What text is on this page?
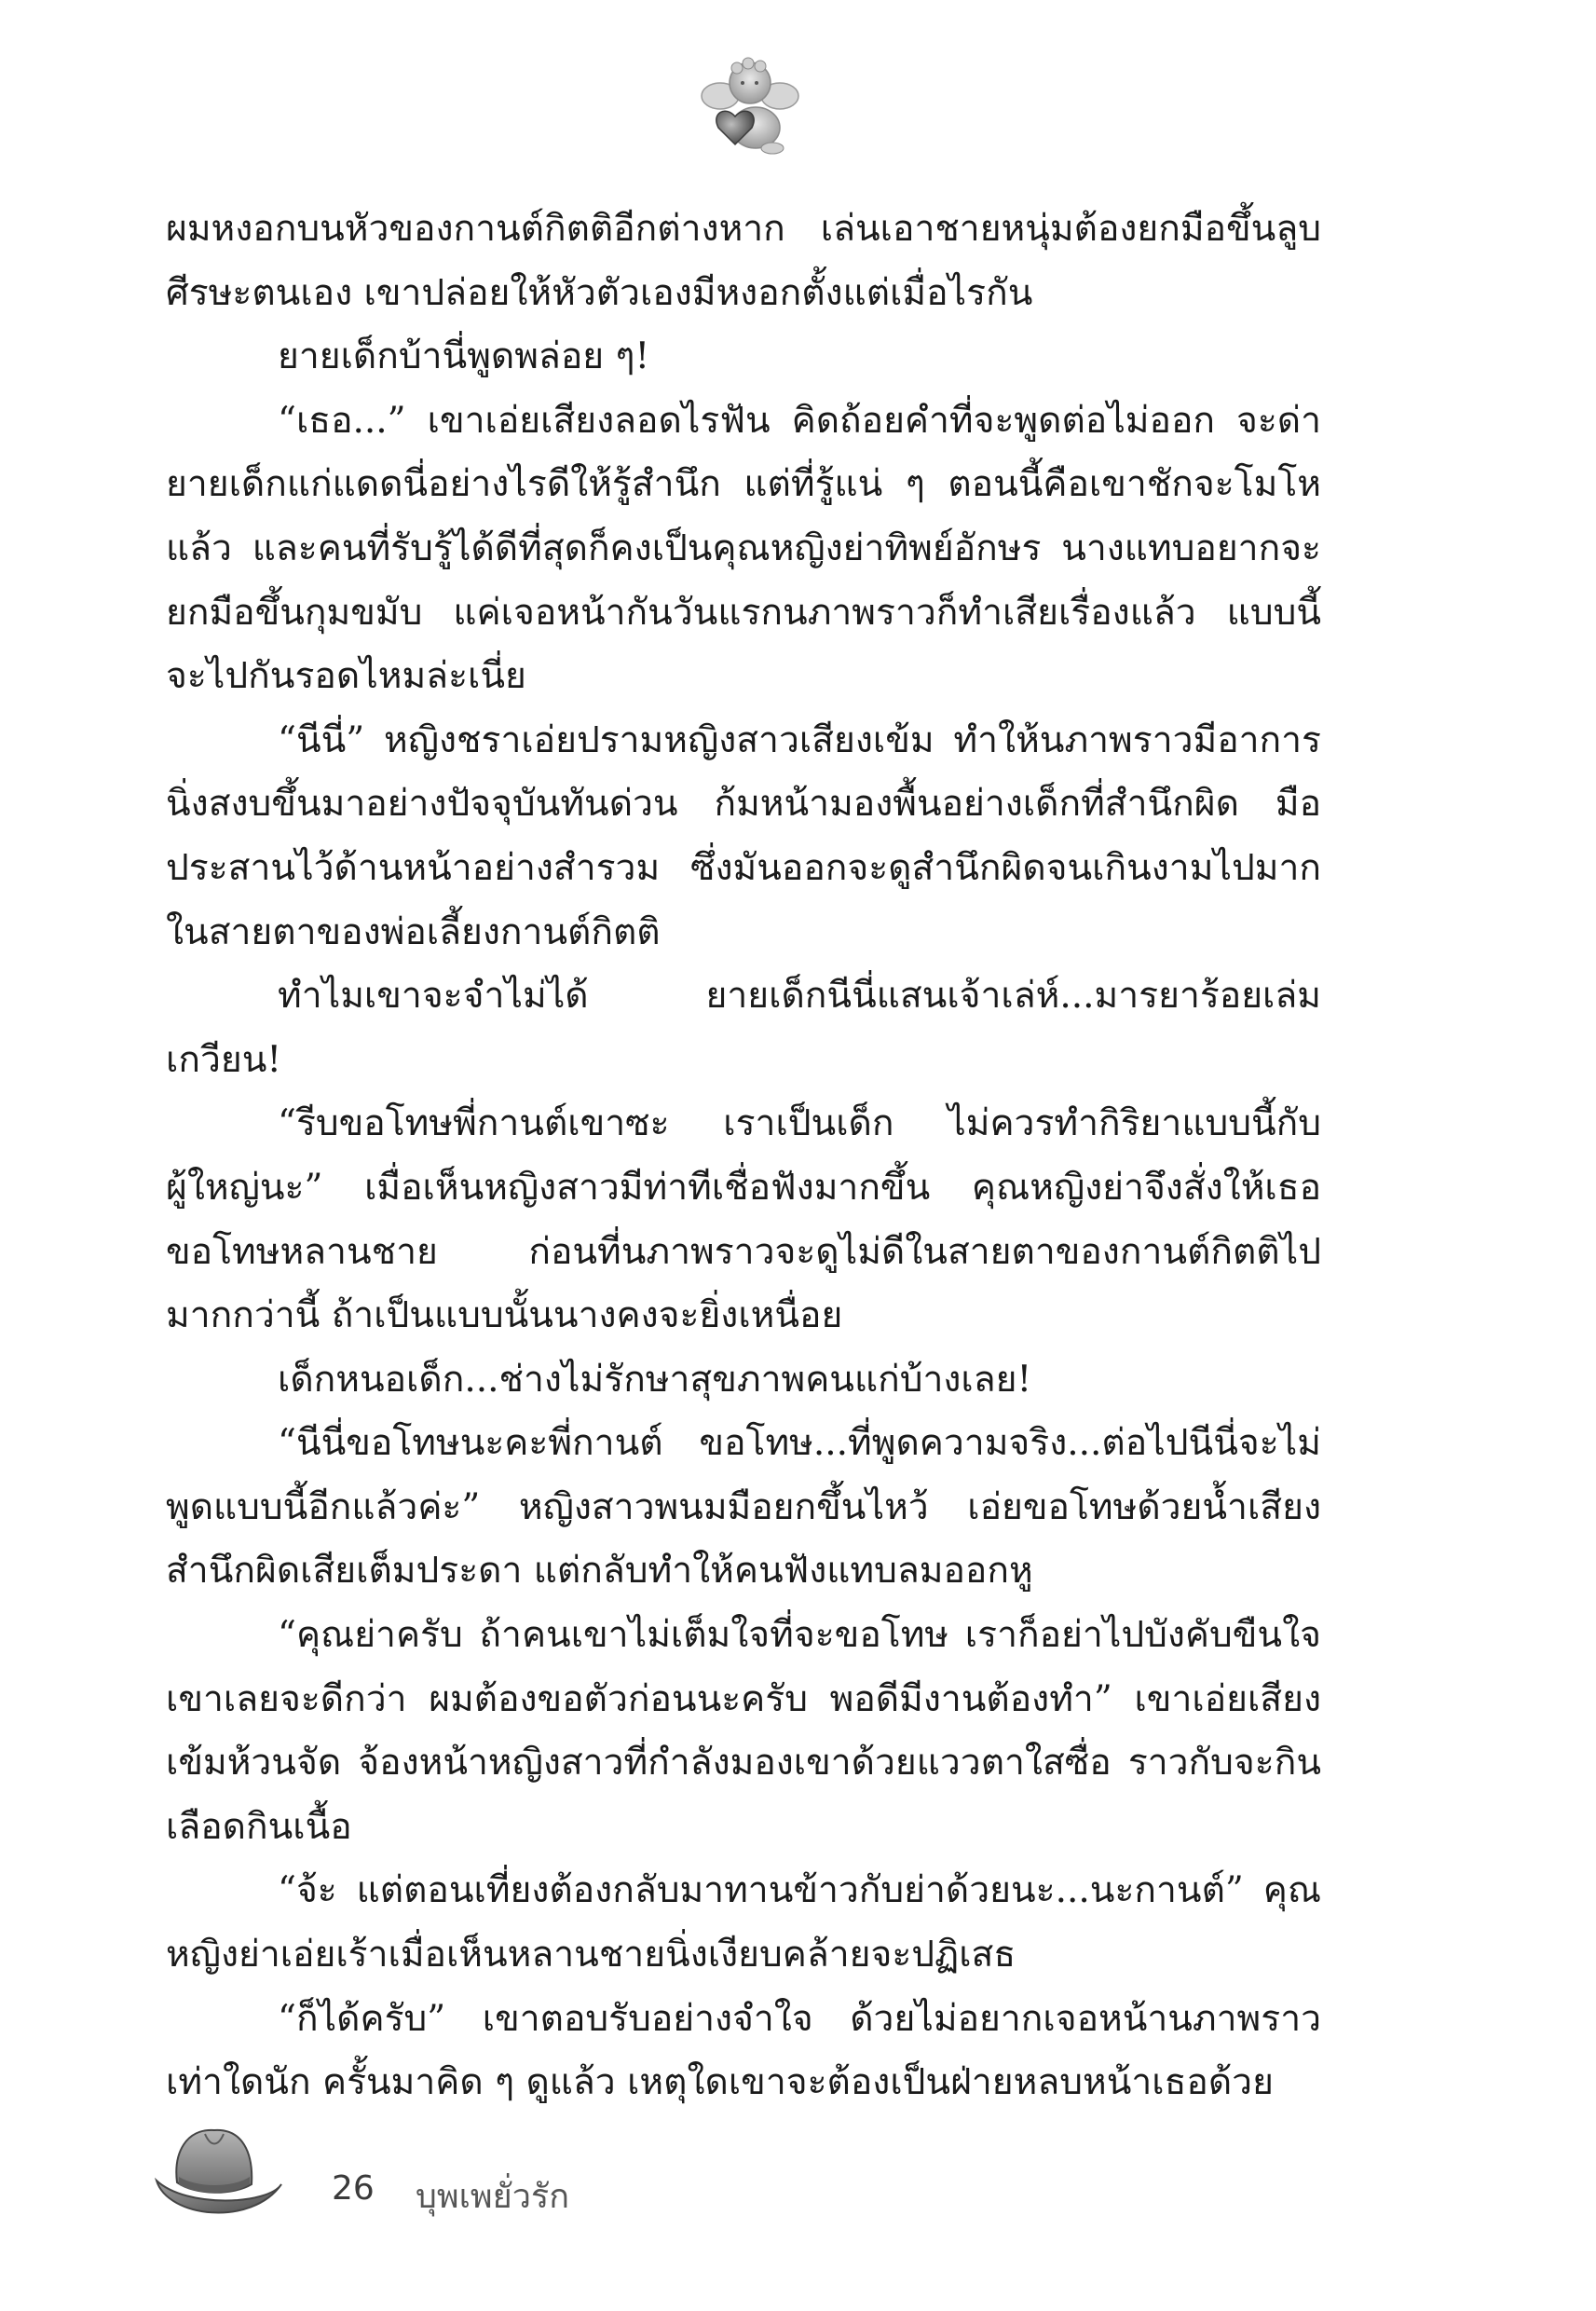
ผมหงอกบนหัวของกานต์กิตติอีกต่างหาก เล่นเอาชายหนุ่มต้องยกมือขึ้นลูบศีรษะตนเอง เขาปล่อยให้หัวตัวเองมีหงอกตั้งแต่เมื่อไรกัน

ยายเด็กบ้านี่พูดพล่อย ๆ!

“เธอ...” เขาเอ่ยเสียงลอดไรฟัน คิดถ้อยคำที่จะพูดต่อไม่ออก จะด่ายายเด็กแก่แดดนี่อย่างไรดีให้รู้สำนึก แต่ที่รู้แน่ ๆ ตอนนี้คือเขาชักจะโมโหแล้ว และคนที่รับรู้ได้ดีที่สุดก็คงเป็นคุณหญิงย่าทิพย์อักษร นางแทบอยากจะยกมือขึ้นกุมขมับ แค่เจอหน้ากันวันแรกนภาพราวก็ทำเสียเรื่องแล้ว แบบนี้จะไปกันรอดไหมล่ะเนี่ย

“นีนี่” หญิงชราเอ่ยปรามหญิงสาวเสียงเข้ม ทำให้นภาพราวมีอาการนิ่งสงบขึ้นมาอย่างปัจจุบันทันด่วน ก้มหน้ามองพื้นอย่างเด็กที่สำนึกผิด มือประสานไว้ด้านหน้าอย่างสำรวม ซึ่งมันออกจะดูสำนึกผิดจนเกินงามไปมากในสายตาของพ่อเลี้ยงกานต์กิตติ

ทำไมเขาจะจำไม่ได้ ยายเด็กนีนี่แสนเจ้าเล่ห์...มารยาร้อยเล่มเกวียน!

“รีบขอโทษพี่กานต์เขาซะ เราเป็นเด็ก ไม่ควรทำกิริยาแบบนี้กับผู้ใหญ่นะ” เมื่อเห็นหญิงสาวมีท่าทีเชื่อฟังมากขึ้น คุณหญิงย่าจึงสั่งให้เธอขอโทษหลานชาย ก่อนที่นภาพราวจะดูไม่ดีในสายตาของกานต์กิตติไปมากกว่านี้ ถ้าเป็นแบบนั้นนางคงจะยิ่งเหนื่อย

เด็กหนอเด็ก...ช่างไม่รักษาสุขภาพคนแก่บ้างเลย!

“นีนี่ขอโทษนะคะพี่กานต์ ขอโทษ...ที่พูดความจริง...ต่อไปนีนี่จะไม่พูดแบบนี้อีกแล้วค่ะ” หญิงสาวพนมมือยกขึ้นไหว้ เอ่ยขอโทษด้วยน้ำเสียงสำนึกผิดเสียเต็มประดา แต่กลับทำให้คนฟังแทบลมออกหู

“คุณย่าครับ ถ้าคนเขาไม่เต็มใจที่จะขอโทษ เราก็อย่าไปบังคับขืนใจเขาเลยจะดีกว่า ผมต้องขอตัวก่อนนะครับ พอดีมีงานต้องทำ” เขาเอ่ยเสียงเข้มห้วนจัด จ้องหน้าหญิงสาวที่กำลังมองเขาด้วยแววตาใสซื่อ ราวกับจะกินเลือดกินเนื้อ

“จ้ะ แต่ตอนเที่ยงต้องกลับมาทานข้าวกับย่าด้วยนะ...นะกานต์” คุณหญิงย่าเอ่ยเร้าเมื่อเห็นหลานชายนิ่งเงียบคล้ายจะปฏิเสธ

“ก็ได้ครับ” เขาตอบรับอย่างจำใจ ด้วยไม่อยากเจอหน้านภาพราวเท่าใดนัก ครั้นมาคิด ๆ ดูแล้ว เหตุใดเขาจะต้องเป็นฝ่ายหลบหน้าเธอด้วย

26 บุพเพยั่วรัก
